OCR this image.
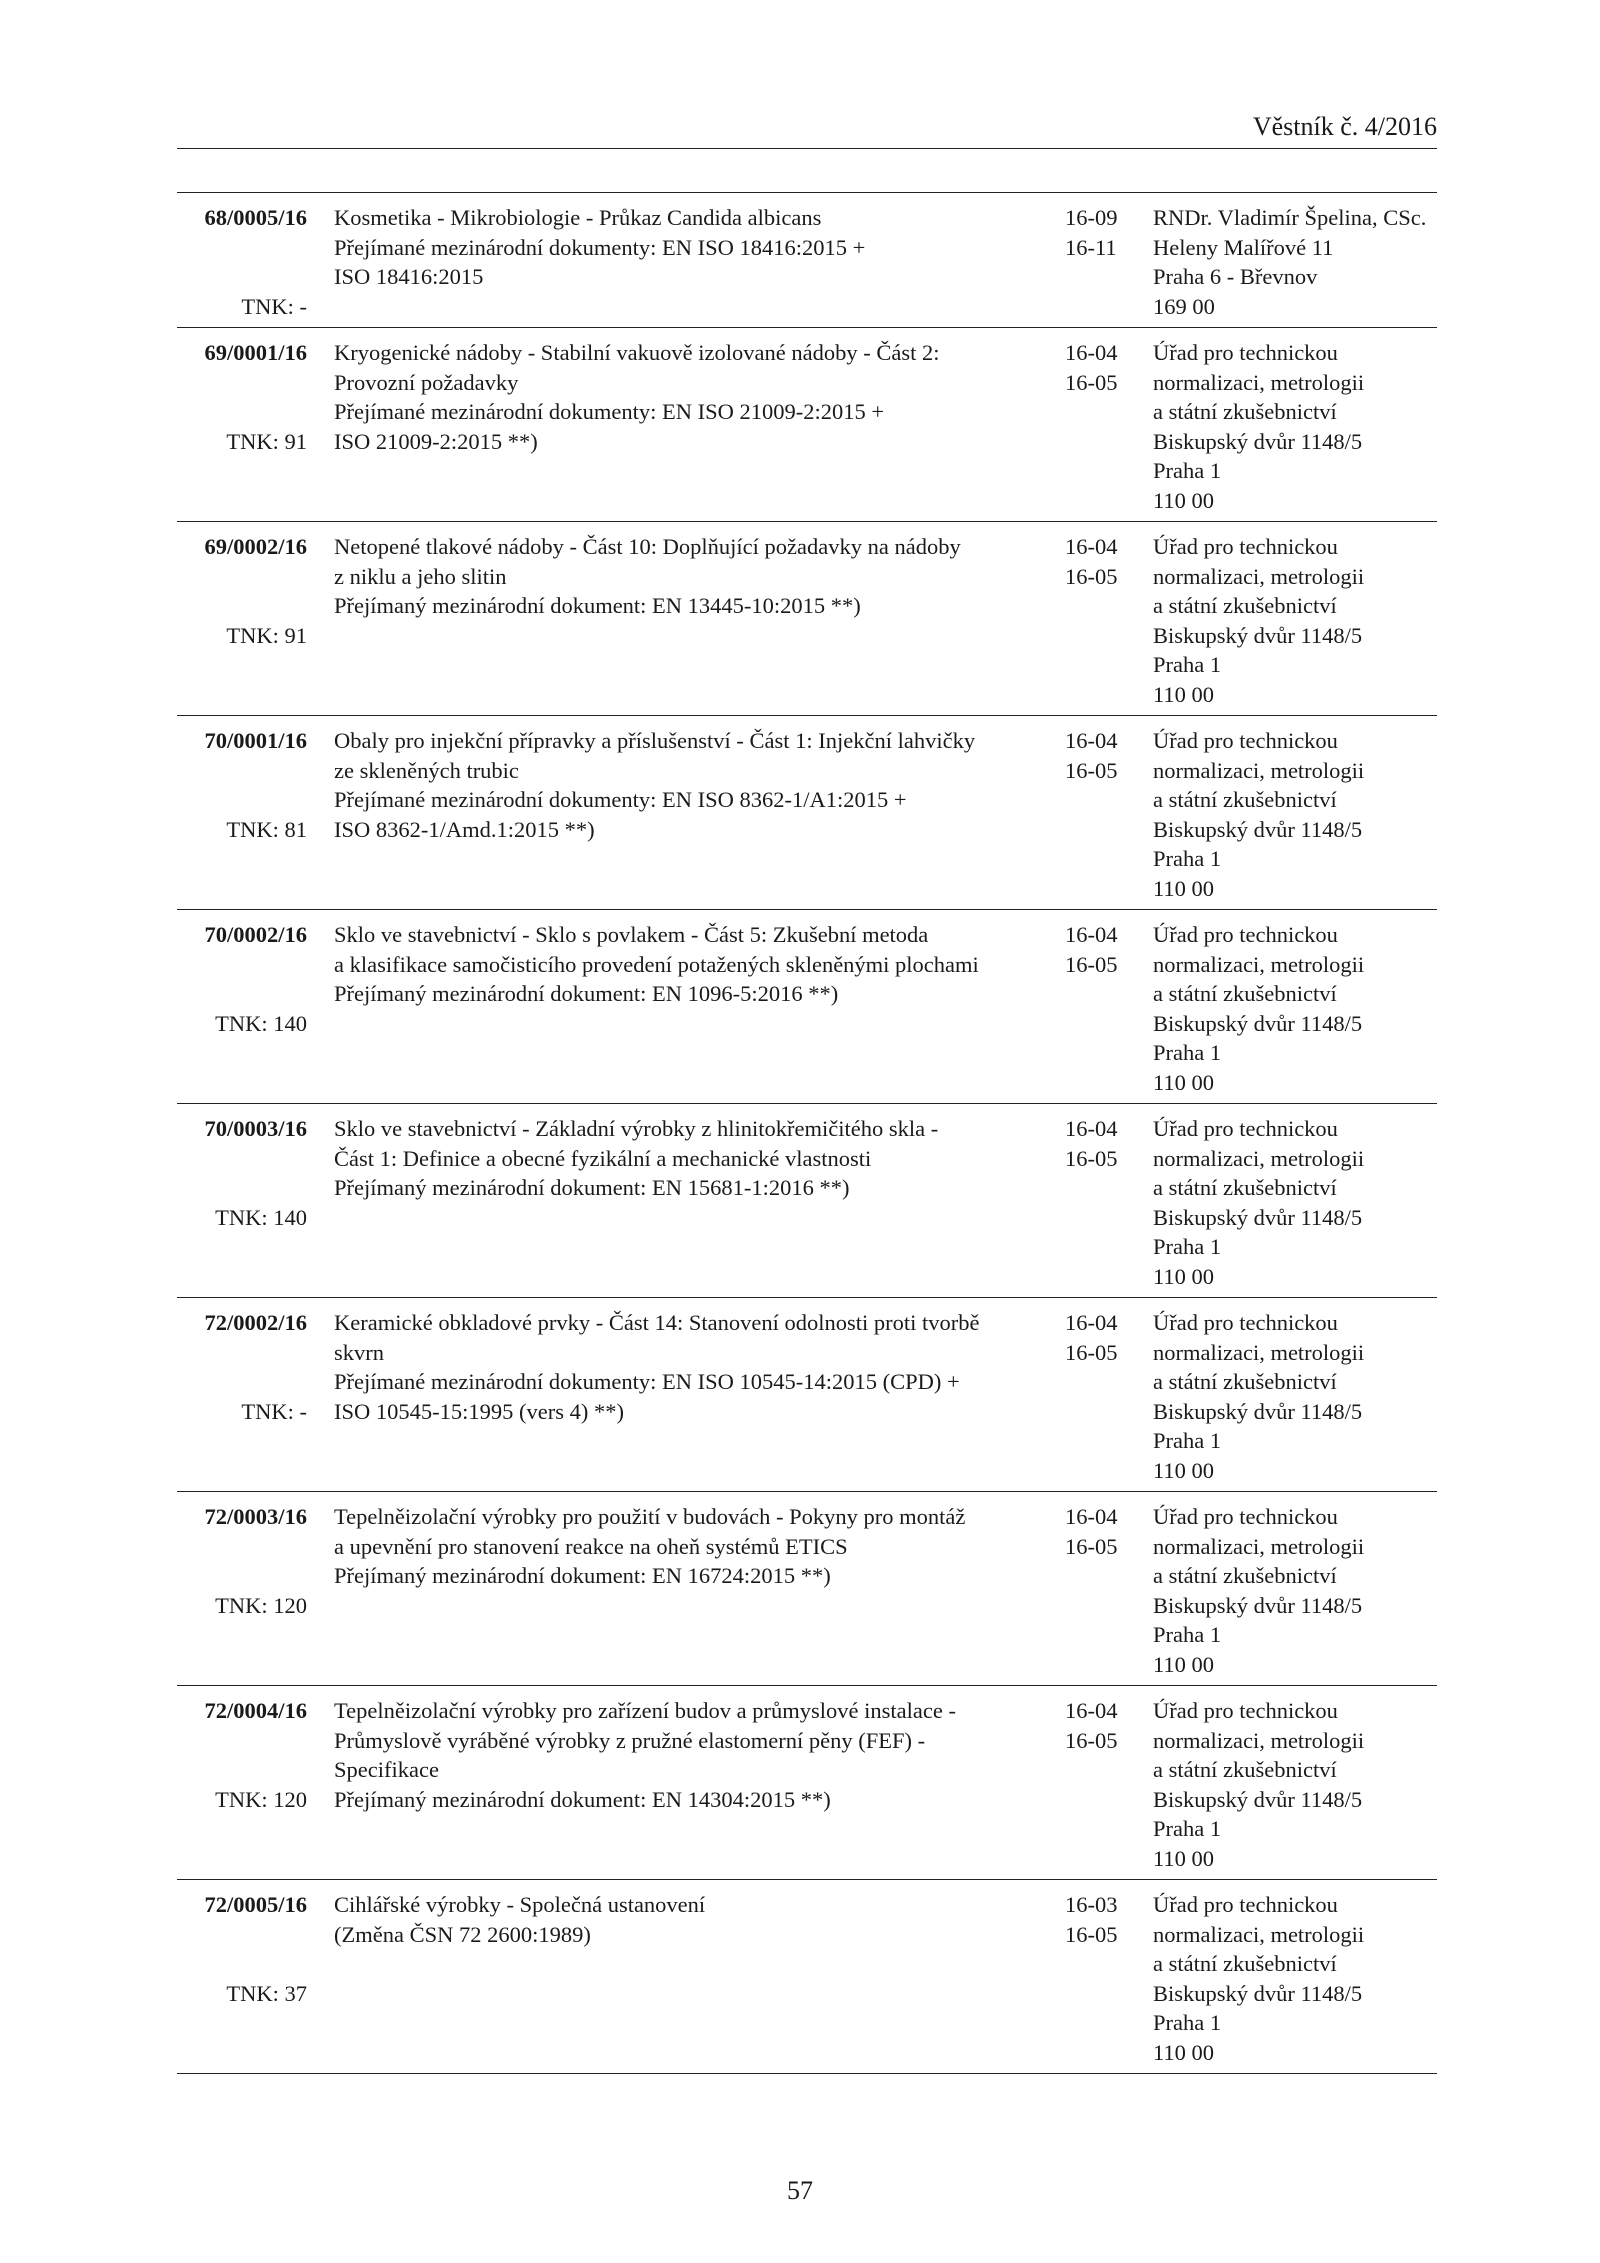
Věstník č. 4/2016
68/0005/16
TNK: -
Kosmetika - Mikrobiologie - Průkaz Candida albicans
Přejímané mezinárodní dokumenty: EN ISO 18416:2015 +
ISO 18416:2015
16-09
16-11
RNDr. Vladimír Špelina, CSc.
Heleny Malířové 11
Praha 6 - Břevnov
169 00
69/0001/16
TNK: 91
Kryogenické nádoby - Stabilní vakuově izolované nádoby - Část 2:
Provozní požadavky
Přejímané mezinárodní dokumenty: EN ISO 21009-2:2015 +
ISO 21009-2:2015 **)
16-04
16-05
Úřad pro technickou
normalizaci, metrologii
a státní zkušebnictví
Biskupský dvůr 1148/5
Praha 1
110 00
69/0002/16
TNK: 91
Netopené tlakové nádoby - Část 10: Doplňující požadavky na nádoby
z niklu a jeho slitin
Přejímaný mezinárodní dokument: EN 13445-10:2015 **)
16-04
16-05
Úřad pro technickou
normalizaci, metrologii
a státní zkušebnictví
Biskupský dvůr 1148/5
Praha 1
110 00
70/0001/16
TNK: 81
Obaly pro injekční přípravky a příslušenství - Část 1: Injekční lahvičky
ze skleněných trubic
Přejímané mezinárodní dokumenty: EN ISO 8362-1/A1:2015 +
ISO 8362-1/Amd.1:2015 **)
16-04
16-05
Úřad pro technickou
normalizaci, metrologii
a státní zkušebnictví
Biskupský dvůr 1148/5
Praha 1
110 00
70/0002/16
TNK: 140
Sklo ve stavebnictví - Sklo s povlakem - Část 5: Zkušební metoda
a klasifikace samočisticího provedení potažených skleněnými plochami
Přejímaný mezinárodní dokument: EN 1096-5:2016 **)
16-04
16-05
Úřad pro technickou
normalizaci, metrologii
a státní zkušebnictví
Biskupský dvůr 1148/5
Praha 1
110 00
70/0003/16
TNK: 140
Sklo ve stavebnictví - Základní výrobky z hlinitokřemičitého skla -
Část 1: Definice a obecné fyzikální a mechanické vlastnosti
Přejímaný mezinárodní dokument: EN 15681-1:2016 **)
16-04
16-05
Úřad pro technickou
normalizaci, metrologii
a státní zkušebnictví
Biskupský dvůr 1148/5
Praha 1
110 00
72/0002/16
TNK: -
Keramické obkladové prvky - Část 14: Stanovení odolnosti proti tvorbě
skvrn
Přejímané mezinárodní dokumenty: EN ISO 10545-14:2015 (CPD) +
ISO 10545-15:1995 (vers 4) **)
16-04
16-05
Úřad pro technickou
normalizaci, metrologii
a státní zkušebnictví
Biskupský dvůr 1148/5
Praha 1
110 00
72/0003/16
TNK: 120
Tepelněizolační výrobky pro použití v budovách - Pokyny pro montáž
a upevnění pro stanovení reakce na oheň systémů ETICS
Přejímaný mezinárodní dokument: EN 16724:2015 **)
16-04
16-05
Úřad pro technickou
normalizaci, metrologii
a státní zkušebnictví
Biskupský dvůr 1148/5
Praha 1
110 00
72/0004/16
TNK: 120
Tepelněizolační výrobky pro zařízení budov a průmyslové instalace -
Průmyslově vyráběné výrobky z pružné elastomerní pěny (FEF) -
Specifikace
Přejímaný mezinárodní dokument: EN 14304:2015 **)
16-04
16-05
Úřad pro technickou
normalizaci, metrologii
a státní zkušebnictví
Biskupský dvůr 1148/5
Praha 1
110 00
72/0005/16
TNK: 37
Cihlářské výrobky - Společná ustanovení
(Změna ČSN 72 2600:1989)
16-03
16-05
Úřad pro technickou
normalizaci, metrologii
a státní zkušebnictví
Biskupský dvůr 1148/5
Praha 1
110 00
57
